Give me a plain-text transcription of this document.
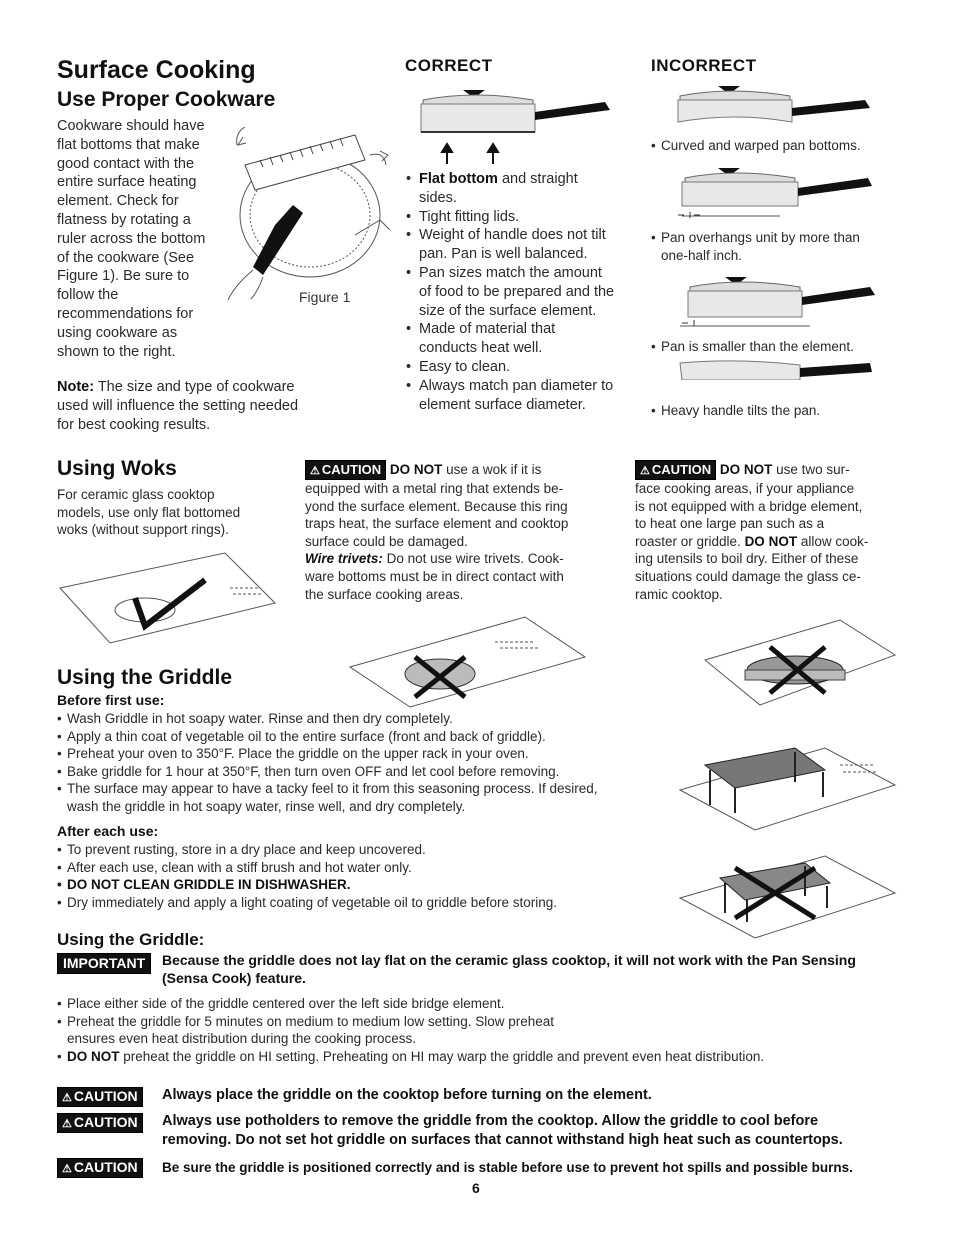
Surface Cooking
Use Proper Cookware
Cookware should have
flat bottoms that make
good contact with the
entire surface heating
element. Check for
flatness by rotating a
ruler across the bottom
of the cookware (See
Figure 1). Be sure to
follow the
recommendations for
using cookware as
shown to the right.
Figure 1
Note: The size and type of cookware
used will influence the setting needed
for best cooking results.
CORRECT
• Flat bottom and straight
sides.
• Tight fitting lids.
• Weight of handle does not tilt
pan. Pan is well balanced.
• Pan sizes match the amount
of food to be prepared and the
size of the surface element.
• Made of material that
conducts heat well.
• Easy to clean.
• Always match pan diameter to
element surface diameter.
INCORRECT
• Curved and warped pan bottoms.
• Pan overhangs unit by more than
one-half inch.
• Pan is smaller than the element.
• Heavy handle tilts the pan.
Using Woks
For ceramic glass cooktop
models, use only flat bottomed
woks (without support rings).
⚠ CAUTION DO NOT use a wok if it is
equipped with a metal ring that extends be-
yond the surface element. Because this ring
traps heat, the surface element and cooktop
surface could be damaged.
Wire trivets: Do not use wire trivets. Cook-
ware bottoms must be in direct contact with
the surface cooking areas.
⚠ CAUTION DO NOT use two sur-
face cooking areas, if your appliance
is not equipped with a bridge element,
to heat one large pan such as a
roaster or griddle. DO NOT allow cook-
ing utensils to boil dry. Either of these
situations could damage the glass ce-
ramic cooktop.
Using the Griddle
Before first use:
• Wash Griddle in hot soapy water. Rinse and then dry completely.
• Apply a thin coat of vegetable oil to the entire surface (front and back of griddle).
• Preheat your oven to 350°F. Place the griddle on the upper rack in your oven.
• Bake griddle for 1 hour at 350°F, then turn oven OFF and let cool before removing.
• The surface may appear to have a tacky feel to it from this seasoning process. If desired,
wash the griddle in hot soapy water, rinse well, and dry completely.
After each use:
• To prevent rusting, store in a dry place and keep uncovered.
• After each use, clean with a stiff brush and hot water only.
• DO NOT CLEAN GRIDDLE IN DISHWASHER.
• Dry immediately and apply a light coating of vegetable oil to griddle before storing.
Using the Griddle:
IMPORTANT	Because the griddle does not lay flat on the ceramic glass cooktop, it will not work with the Pan Sensing
(Sensa Cook) feature.
• Place either side of the griddle centered over the left side bridge element.
• Preheat the griddle for 5 minutes on medium to medium low setting. Slow preheat
ensures even heat distribution during the cooking process.
• DO NOT preheat the griddle on HI setting. Preheating on HI may warp the griddle and prevent even heat distribution.
⚠ CAUTION	Always place the griddle on the cooktop before turning on the element.
⚠ CAUTION	Always use potholders to remove the griddle from the cooktop. Allow the griddle to cool before
removing. Do not set hot griddle on surfaces that cannot withstand high heat such as countertops.
⚠ CAUTION	Be sure the griddle is positioned correctly and is stable before use to prevent hot spills and possible burns.
6
